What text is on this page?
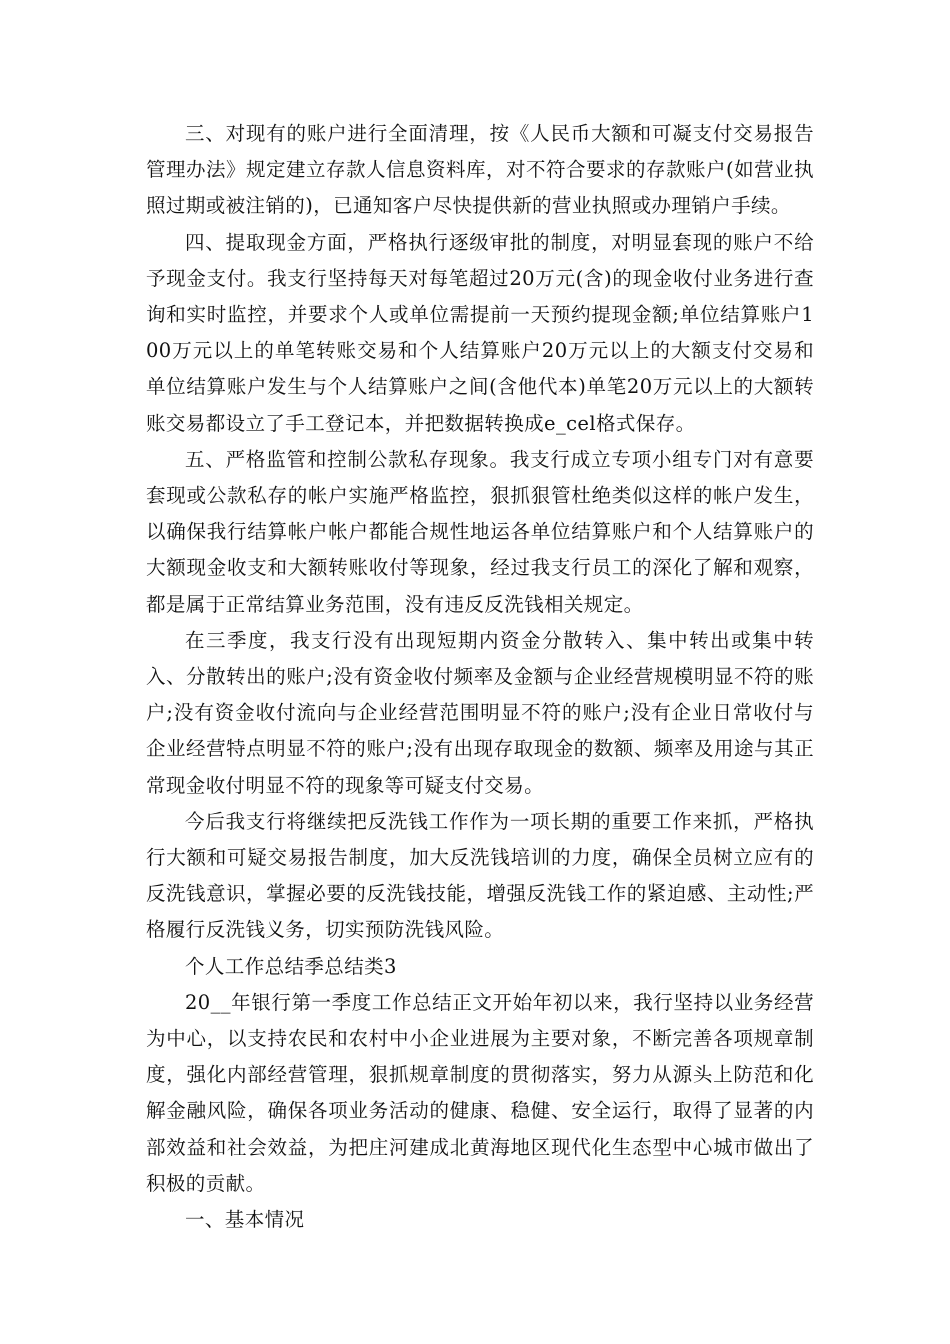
三、对现有的账户进行全面清理，按《人民币大额和可凝支付交易报告管理办法》规定建立存款人信息资料库，对不符合要求的存款账户(如营业执照过期或被注销的)，已通知客户尽快提供新的营业执照或办理销户手续。

四、提取现金方面，严格执行逐级审批的制度，对明显套现的账户不给予现金支付。我支行坚持每天对每笔超过20万元(含)的现金收付业务进行查询和实时监控，并要求个人或单位需提前一天预约提现金额;单位结算账户100万元以上的单笔转账交易和个人结算账户20万元以上的大额支付交易和单位结算账户发生与个人结算账户之间(含他代本)单笔20万元以上的大额转账交易都设立了手工登记本，并把数据转换成e_cel格式保存。

五、严格监管和控制公款私存现象。我支行成立专项小组专门对有意要套现或公款私存的帐户实施严格监控，狠抓狠管杜绝类似这样的帐户发生，以确保我行结算帐户帐户都能合规性地运各单位结算账户和个人结算账户的大额现金收支和大额转账收付等现象，经过我支行员工的深化了解和观察，都是属于正常结算业务范围，没有违反反洗钱相关规定。

在三季度，我支行没有出现短期内资金分散转入、集中转出或集中转入、分散转出的账户;没有资金收付频率及金额与企业经营规模明显不符的账户;没有资金收付流向与企业经营范围明显不符的账户;没有企业日常收付与企业经营特点明显不符的账户;没有出现存取现金的数额、频率及用途与其正常现金收付明显不符的现象等可疑支付交易。

今后我支行将继续把反洗钱工作作为一项长期的重要工作来抓，严格执行大额和可疑交易报告制度，加大反洗钱培训的力度，确保全员树立应有的反洗钱意识，掌握必要的反洗钱技能，增强反洗钱工作的紧迫感、主动性;严格履行反洗钱义务，切实预防洗钱风险。

个人工作总结季总结类3

20__年银行第一季度工作总结正文开始年初以来，我行坚持以业务经营为中心，以支持农民和农村中小企业进展为主要对象，不断完善各项规章制度，强化内部经营管理，狠抓规章制度的贯彻落实，努力从源头上防范和化解金融风险，确保各项业务活动的健康、稳健、安全运行，取得了显著的内部效益和社会效益，为把庄河建成北黄海地区现代化生态型中心城市做出了积极的贡献。

一、基本情况
